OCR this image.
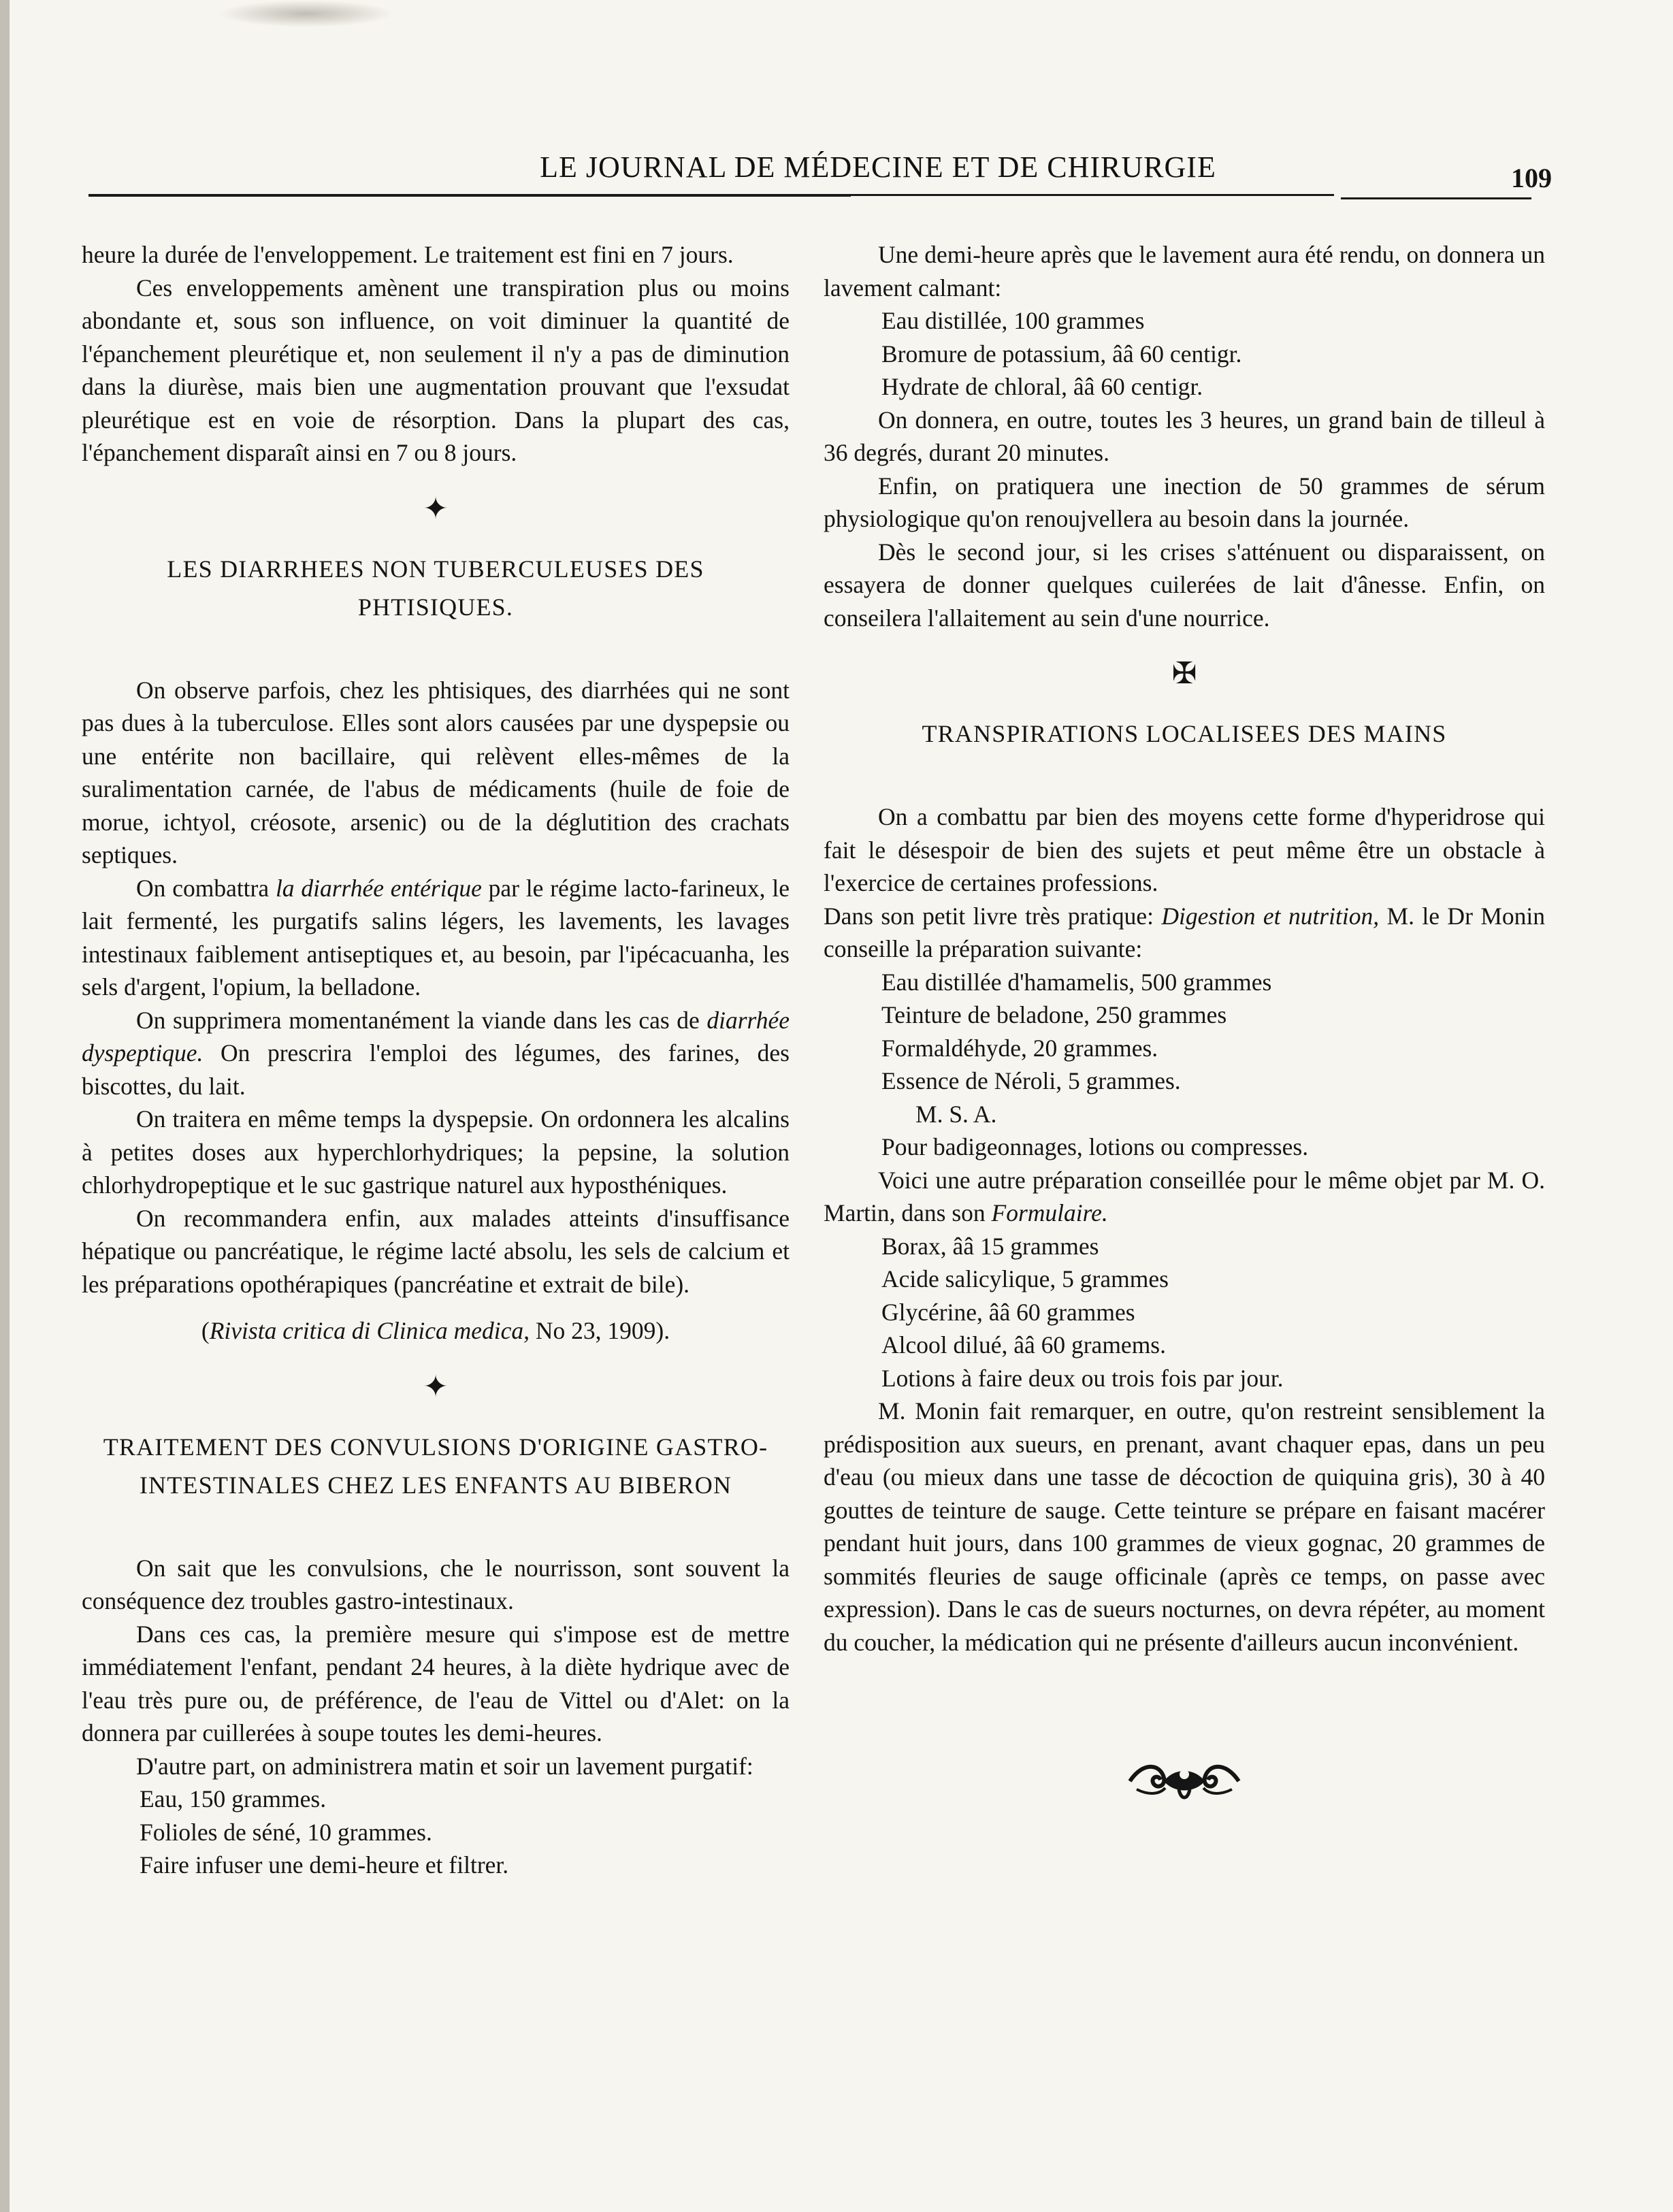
LE JOURNAL DE MÉDECINE ET DE CHIRURGIE	109

heure la durée de l'enveloppement. Le traitement est fini en 7 jours.

Ces enveloppements amènent une transpiration plus ou moins abondante et, sous son influence, on voit diminuer la quantité de l'épanchement pleurétique et, non seulement il n'y a pas de diminution dans la diurèse, mais bien une augmentation prouvant que l'exsudat pleurétique est en voie de résorption. Dans la plupart des cas, l'épanchement disparaît ainsi en 7 ou 8 jours.

✦
LES DIARRHEES NON TUBERCULEUSES DES PHTISIQUES.

On observe parfois, chez les phtisiques, des diarrhées qui ne sont pas dues à la tuberculose. Elles sont alors causées par une dyspepsie ou une entérite non bacillaire, qui relèvent elles-mêmes de la suralimentation carnée, de l'abus de médicaments (huile de foie de morue, ichtyol, créosote, arsenic) ou de la déglutition des crachats septiques.

On combattra la diarrhée entérique par le régime lacto-farineux, le lait fermenté, les purgatifs salins légers, les lavements, les lavages intestinaux faiblement antiseptiques et, au besoin, par l'ipécacuanha, les sels d'argent, l'opium, la belladone.

On supprimera momentanément la viande dans les cas de diarrhée dyspeptique. On prescrira l'emploi des légumes, des farines, des biscottes, du lait.

On traitera en même temps la dyspepsie. On ordonnera les alcalins à petites doses aux hyperchlorhydriques; la pepsine, la solution chlorhydropeptique et le suc gastrique naturel aux hyposthéniques.

On recommandera enfin, aux malades atteints d'insuffisance hépatique ou pancréatique, le régime lacté absolu, les sels de calcium et les préparations opothérapiques (pancréatine et extrait de bile).

(Rivista critica di Clinica medica, No 23, 1909).

✦
TRAITEMENT DES CONVULSIONS D'ORIGINE GASTRO-INTESTINALES CHEZ LES ENFANTS AU BIBERON

On sait que les convulsions, che le nourrisson, sont souvent la conséquence dez troubles gastro-intestinaux.

Dans ces cas, la première mesure qui s'impose est de mettre immédiatement l'enfant, pendant 24 heures, à la diète hydrique avec de l'eau très pure ou, de préférence, de l'eau de Vittel ou d'Alet: on la donnera par cuillerées à soupe toutes les demi-heures.

D'autre part, on administrera matin et soir un lavement purgatif:

Eau, 150 grammes.

Folioles de séné, 10 grammes.

Faire infuser une demi-heure et filtrer.

Une demi-heure après que le lavement aura été rendu, on donnera un lavement calmant:

Eau distillée, 100 grammes

Bromure de potassium, ââ 60 centigr.

Hydrate de chloral, ââ 60 centigr.

On donnera, en outre, toutes les 3 heures, un grand bain de tilleul à 36 degrés, durant 20 minutes.

Enfin, on pratiquera une inection de 50 grammes de sérum physiologique qu'on renoujvellera au besoin dans la journée.

Dès le second jour, si les crises s'atténuent ou disparaissent, on essayera de donner quelques cuilerées de lait d'ânesse. Enfin, on conseilera l'allaitement au sein d'une nourrice.

✠
TRANSPIRATIONS LOCALISEES DES MAINS

On a combattu par bien des moyens cette forme d'hyperidrose qui fait le désespoir de bien des sujets et peut même être un obstacle à l'exercice de certaines professions.

Dans son petit livre très pratique: Digestion et nutrition, M. le Dr Monin conseille la préparation suivante:

Eau distillée d'hamamelis, 500 grammes

Teinture de beladone, 250 grammes

Formaldéhyde, 20 grammes.

Essence de Néroli, 5 grammes.

M. S. A.

Pour badigeonnages, lotions ou compresses.

Voici une autre préparation conseillée pour le même objet par M. O. Martin, dans son Formulaire.

Borax, ââ 15 grammes

Acide salicylique, 5 grammes

Glycérine, ââ 60 grammes

Alcool dilué, ââ 60 gramems.

Lotions à faire deux ou trois fois par jour.

M. Monin fait remarquer, en outre, qu'on restreint sensiblement la prédisposition aux sueurs, en prenant, avant chaquer epas, dans un peu d'eau (ou mieux dans une tasse de décoction de quiquina gris), 30 à 40 gouttes de teinture de sauge. Cette teinture se prépare en faisant macérer pendant huit jours, dans 100 grammes de vieux gognac, 20 grammes de sommités fleuries de sauge officinale (après ce temps, on passe avec expression). Dans le cas de sueurs nocturnes, on devra répéter, au moment du coucher, la médication qui ne présente d'ailleurs aucun inconvénient.
